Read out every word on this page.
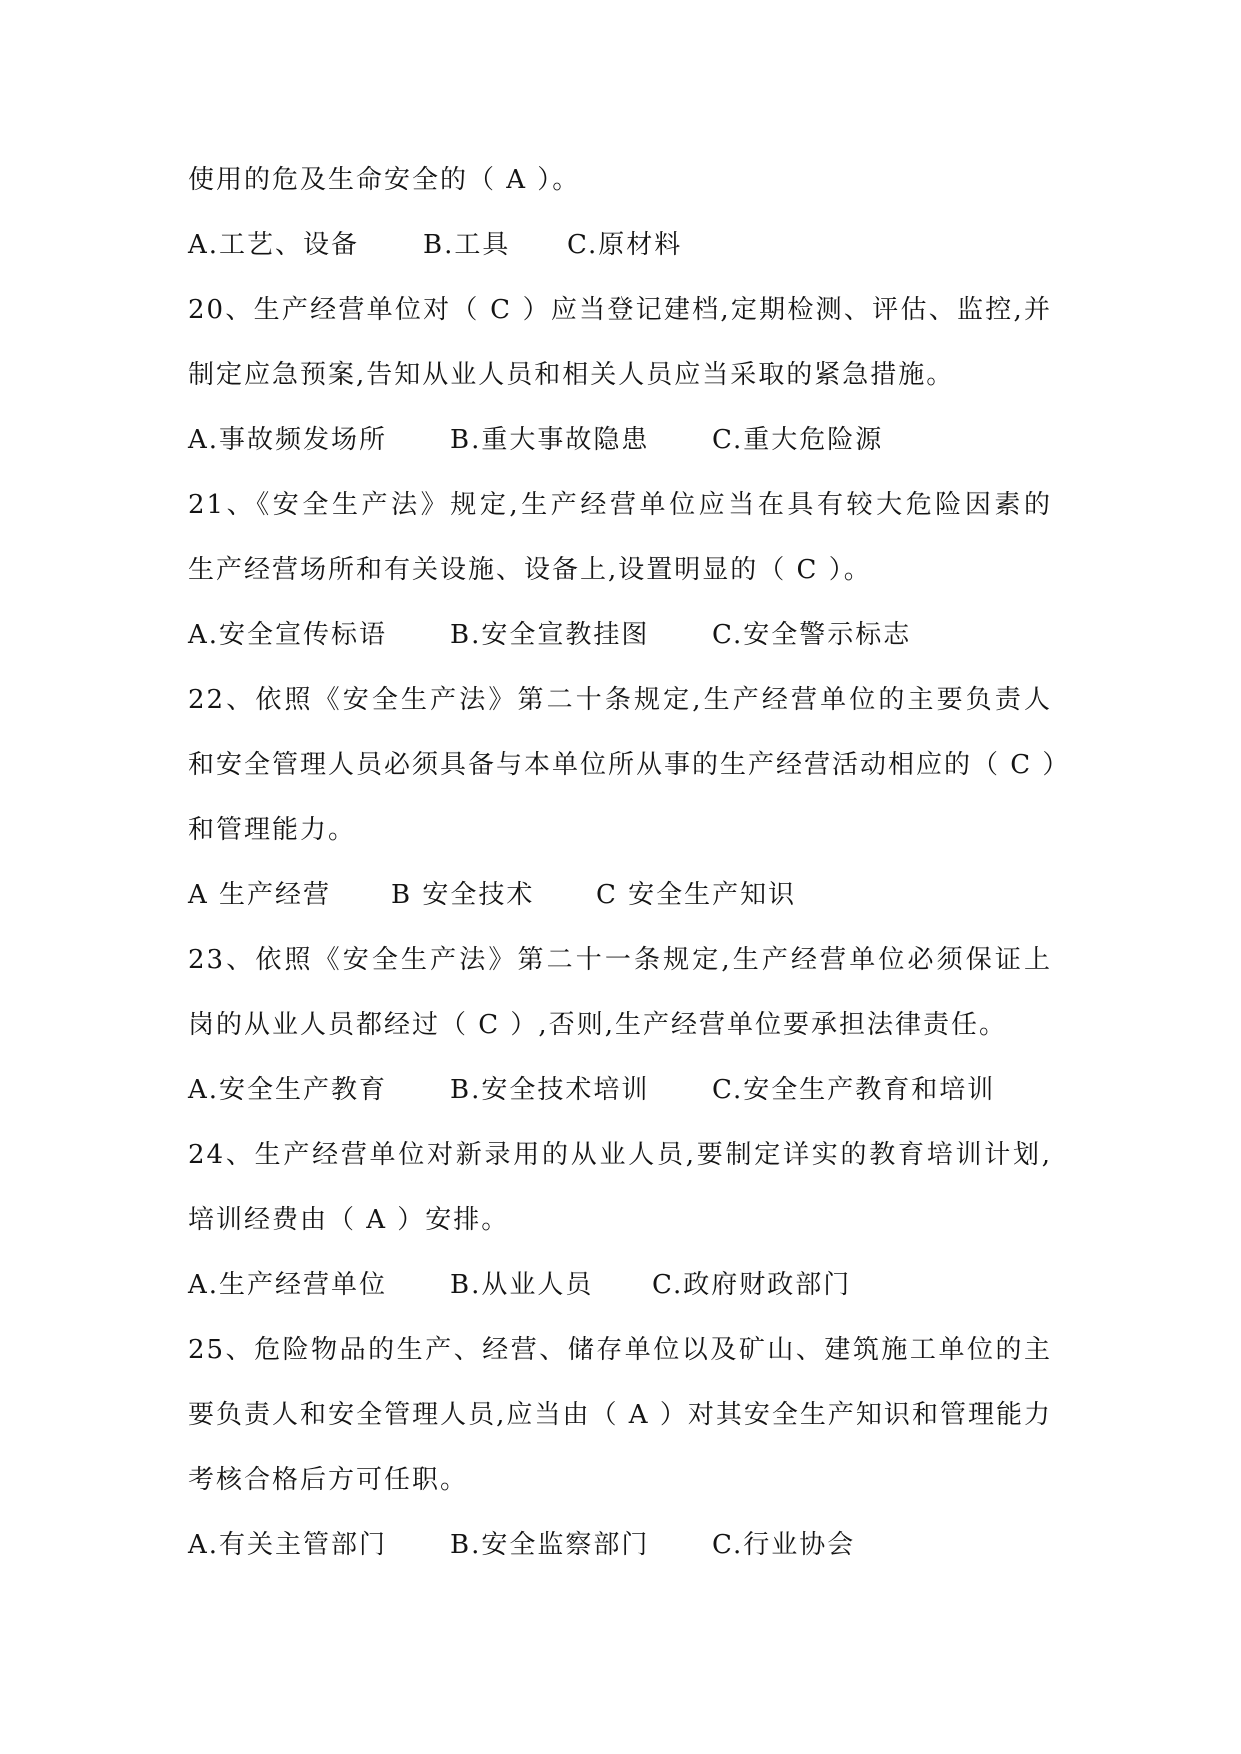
使用的危及生命安全的（ A ）。
A.工艺、设备 B.工具 C.原材料
20、生产经营单位对（ C ）应当登记建档,定期检测、评估、监控,并
制定应急预案,告知从业人员和相关人员应当采取的紧急措施。
A.事故频发场所 B.重大事故隐患 C.重大危险源
21、《安全生产法》规定,生产经营单位应当在具有较大危险因素的
生产经营场所和有关设施、设备上,设置明显的（ C ）。
A.安全宣传标语 B.安全宣教挂图 C.安全警示标志
22、依照《安全生产法》第二十条规定,生产经营单位的主要负责人
和安全管理人员必须具备与本单位所从事的生产经营活动相应的（ C ）
和管理能力。
A 生产经营 B 安全技术 C 安全生产知识
23、依照《安全生产法》第二十一条规定,生产经营单位必须保证上
岗的从业人员都经过（ C ）,否则,生产经营单位要承担法律责任。
A.安全生产教育 B.安全技术培训 C.安全生产教育和培训
24、生产经营单位对新录用的从业人员,要制定详实的教育培训计划,
培训经费由（ A ）安排。
A.生产经营单位 B.从业人员 C.政府财政部门
25、危险物品的生产、经营、储存单位以及矿山、建筑施工单位的主
要负责人和安全管理人员,应当由（ A ）对其安全生产知识和管理能力
考核合格后方可任职。
A.有关主管部门 B.安全监察部门 C.行业协会
